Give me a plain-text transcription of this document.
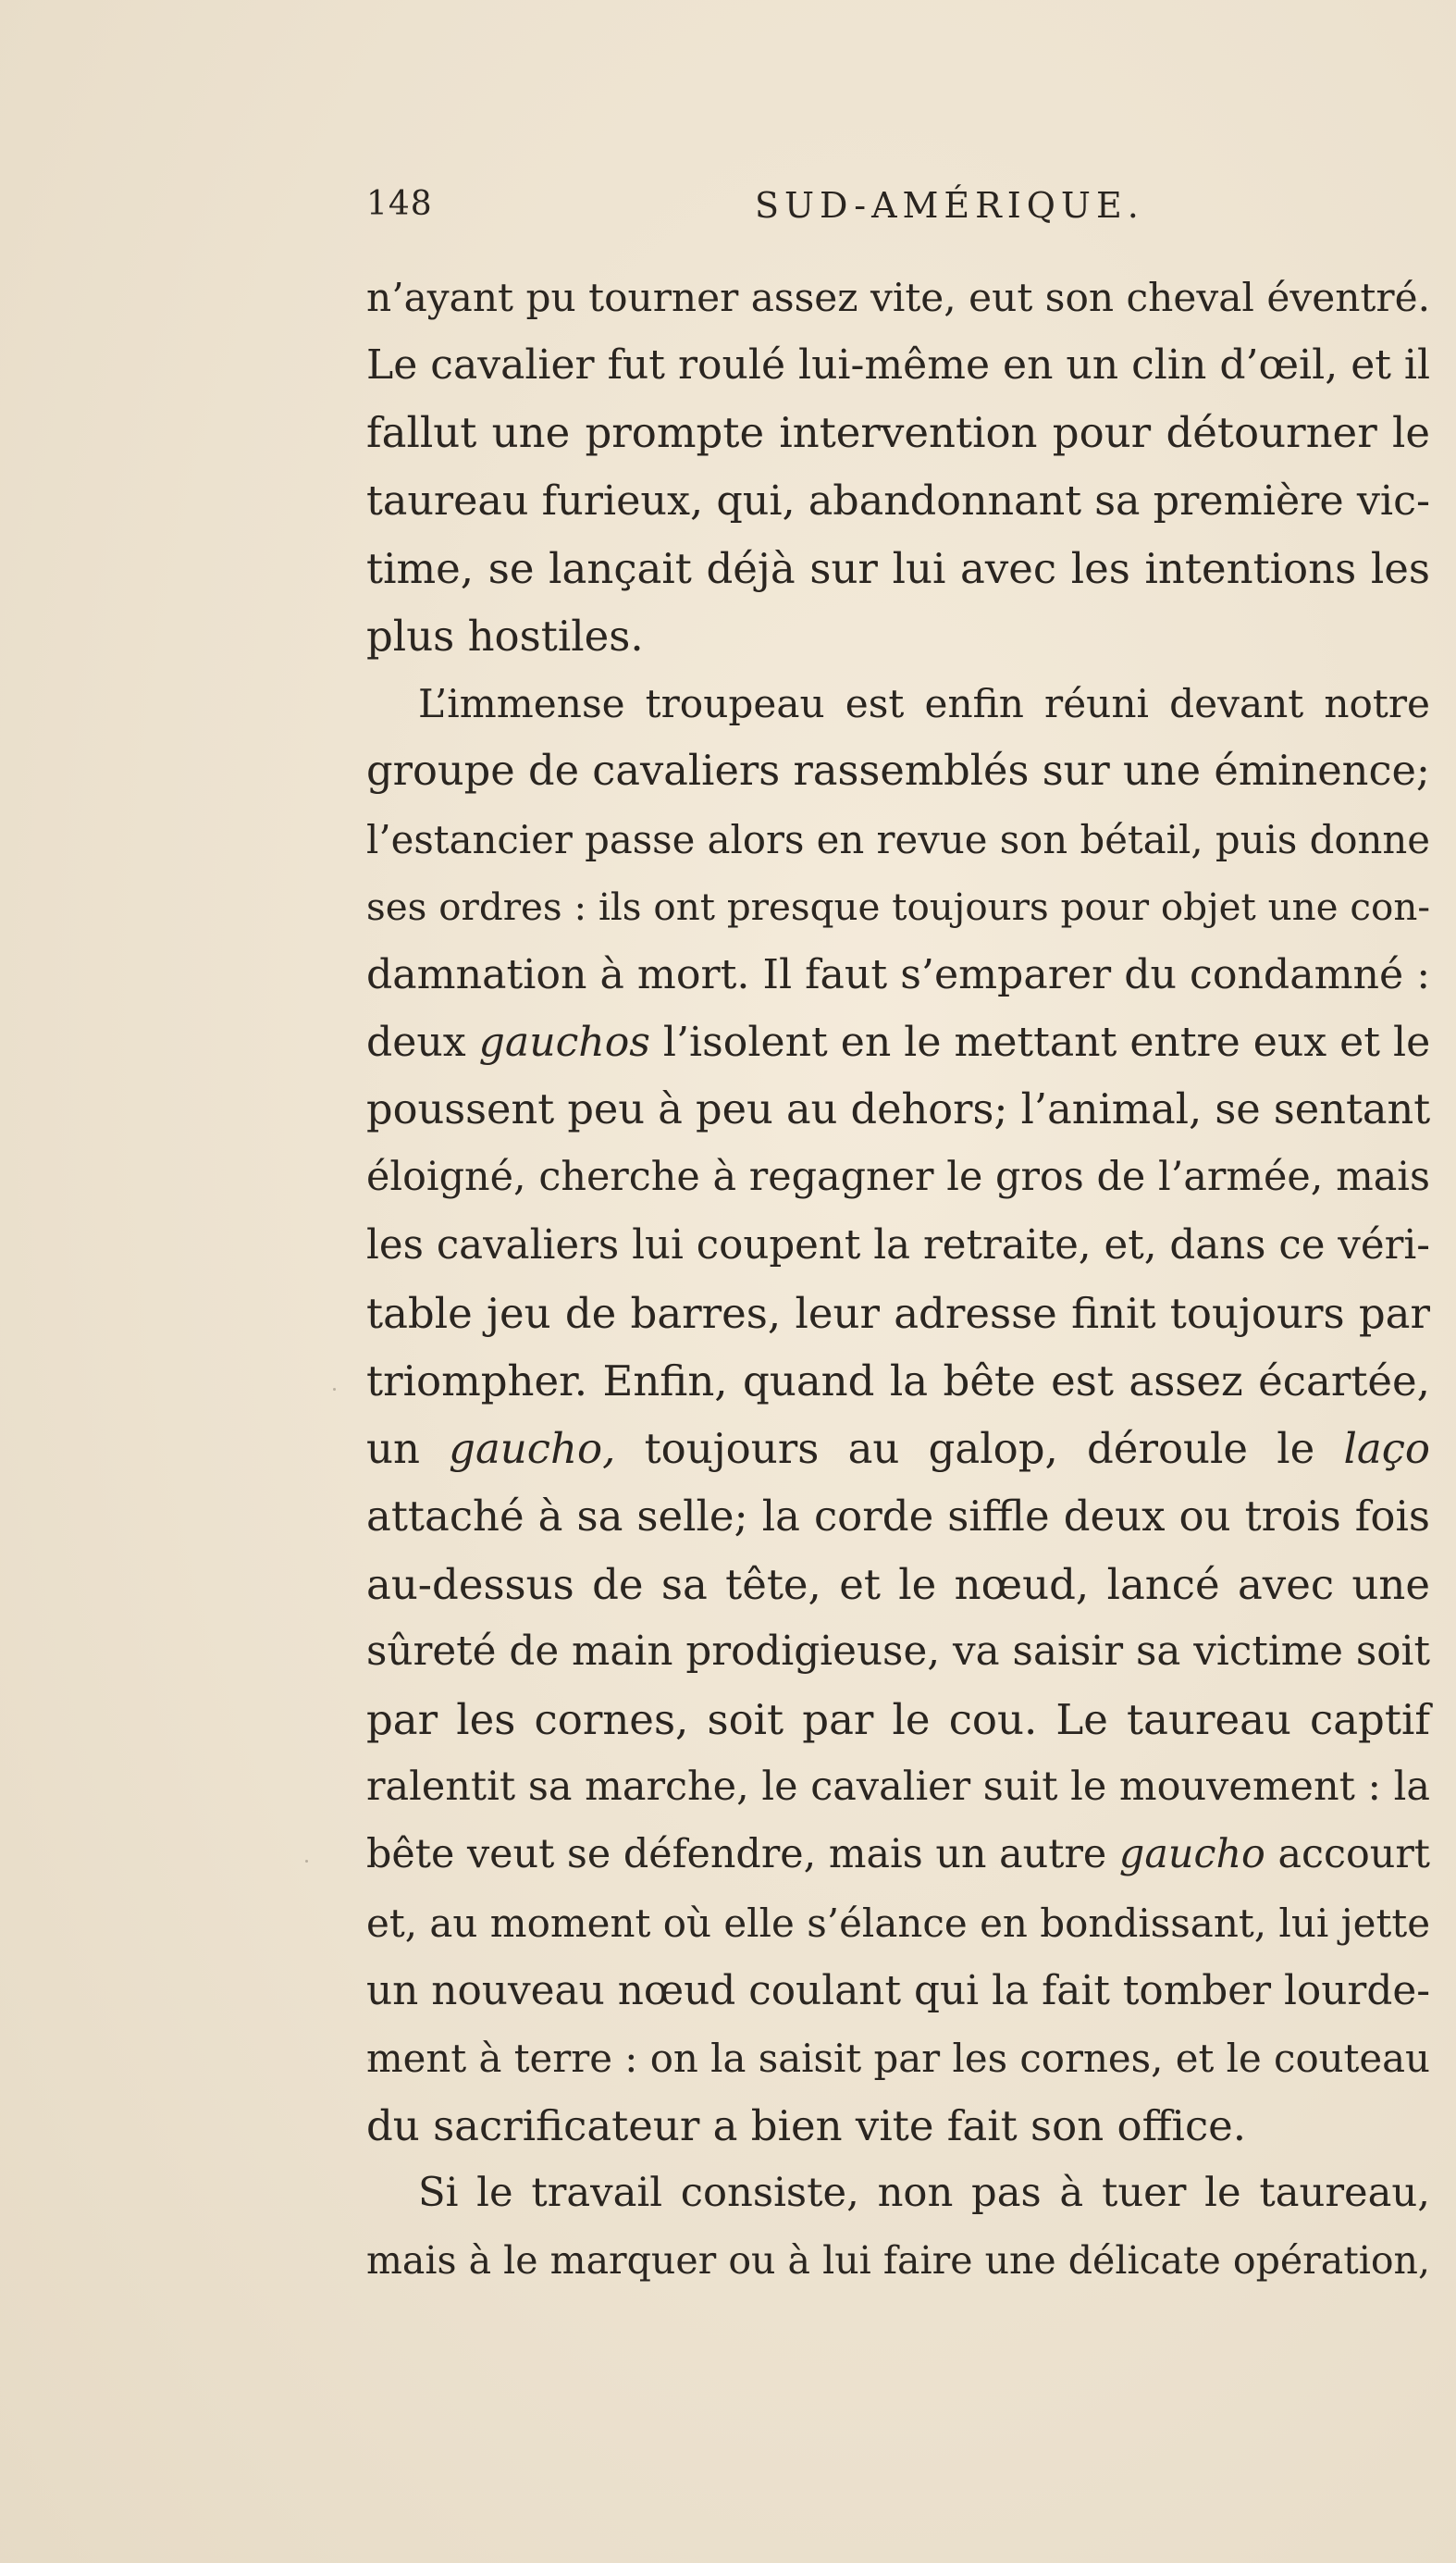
148	SUD-AMÉRIQUE.
n’ayant pu tourner assez vite, eut son cheval éventré.
Le cavalier fut roulé lui-même en un clin d’œil, et il
fallut une prompte intervention pour détourner le
taureau furieux, qui, abandonnant sa première vic-
time, se lançait déjà sur lui avec les intentions les
plus hostiles.
L’immense troupeau est enfin réuni devant notre
groupe de cavaliers rassemblés sur une éminence;
l’estancier passe alors en revue son bétail, puis donne
ses ordres : ils ont presque toujours pour objet une con-
damnation à mort. Il faut s’emparer du condamné :
deux gauchos l’isolent en le mettant entre eux et le
poussent peu à peu au dehors; l’animal, se sentant
éloigné, cherche à regagner le gros de l’armée, mais
les cavaliers lui coupent la retraite, et, dans ce véri-
table jeu de barres, leur adresse finit toujours par
triompher. Enfin, quand la bête est assez écartée,
un gaucho, toujours au galop, déroule le laço
attaché à sa selle; la corde siffle deux ou trois fois
au-dessus de sa tête, et le nœud, lancé avec une
sûreté de main prodigieuse, va saisir sa victime soit
par les cornes, soit par le cou. Le taureau captif
ralentit sa marche, le cavalier suit le mouvement : la
bête veut se défendre, mais un autre gaucho accourt
et, au moment où elle s’élance en bondissant, lui jette
un nouveau nœud coulant qui la fait tomber lourde-
ment à terre : on la saisit par les cornes, et le couteau
du sacrificateur a bien vite fait son office.
Si le travail consiste, non pas à tuer le taureau,
mais à le marquer ou à lui faire une délicate opération,
